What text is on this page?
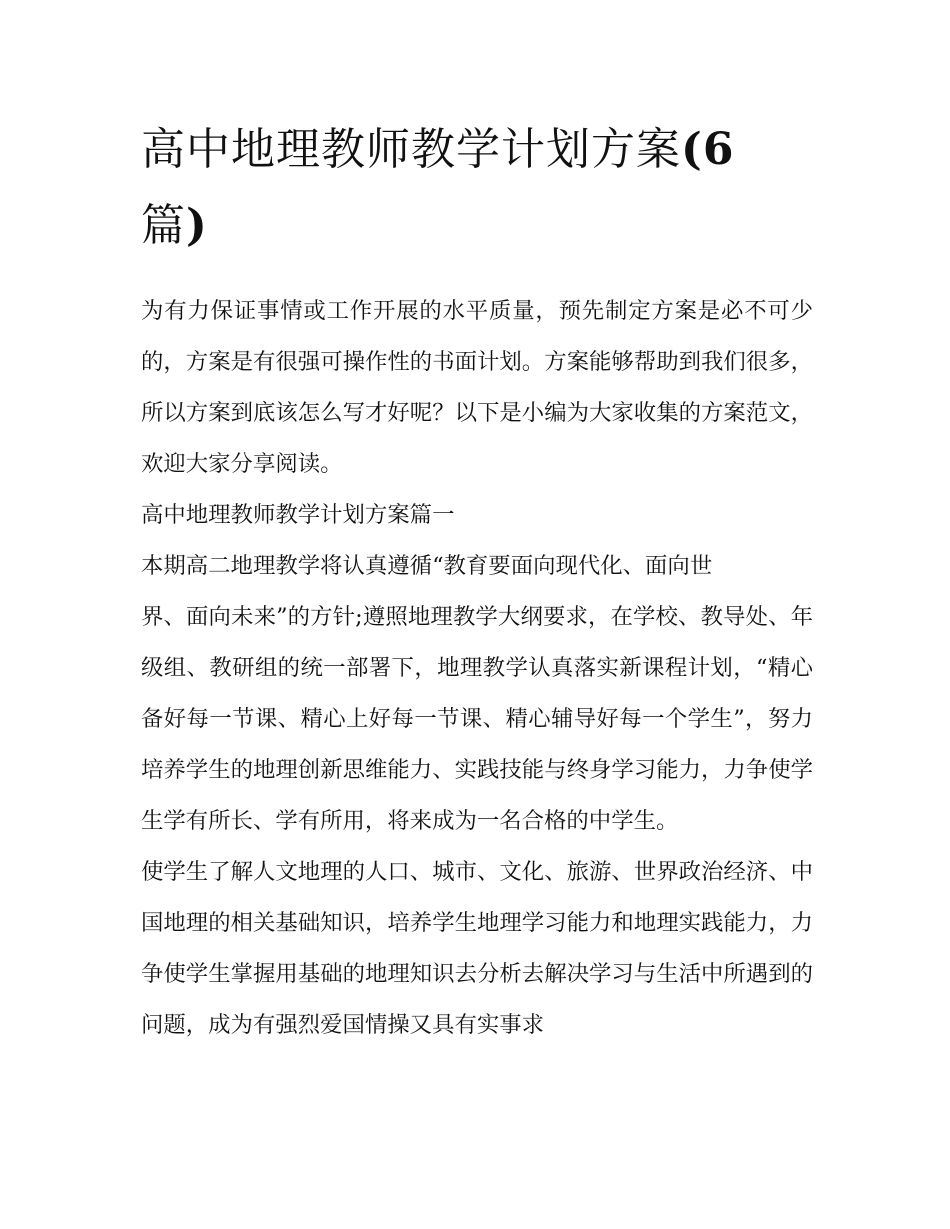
高中地理教师教学计划方案(6
篇)

为有力保证事情或工作开展的水平质量，预先制定方案是必不可少的，方案是有很强可操作性的书面计划。方案能够帮助到我们很多，所以方案到底该怎么写才好呢？以下是小编为大家收集的方案范文，欢迎大家分享阅读。

高中地理教师教学计划方案篇一

本期高二地理教学将认真遵循“教育要面向现代化、面向世
界、面向未来”的方针;遵照地理教学大纲要求，在学校、教导处、年级组、教研组的统一部署下，地理教学认真落实新课程计划，“精心备好每一节课、精心上好每一节课、精心辅导好每一个学生”，努力培养学生的地理创新思维能力、实践技能与终身学习能力，力争使学生学有所长、学有所用，将来成为一名合格的中学生。

使学生了解人文地理的人口、城市、文化、旅游、世界政治经济、中国地理的相关基础知识，培养学生地理学习能力和地理实践能力，力争使学生掌握用基础的地理知识去分析去解决学习与生活中所遇到的问题，成为有强烈爱国情操又具有实事求
